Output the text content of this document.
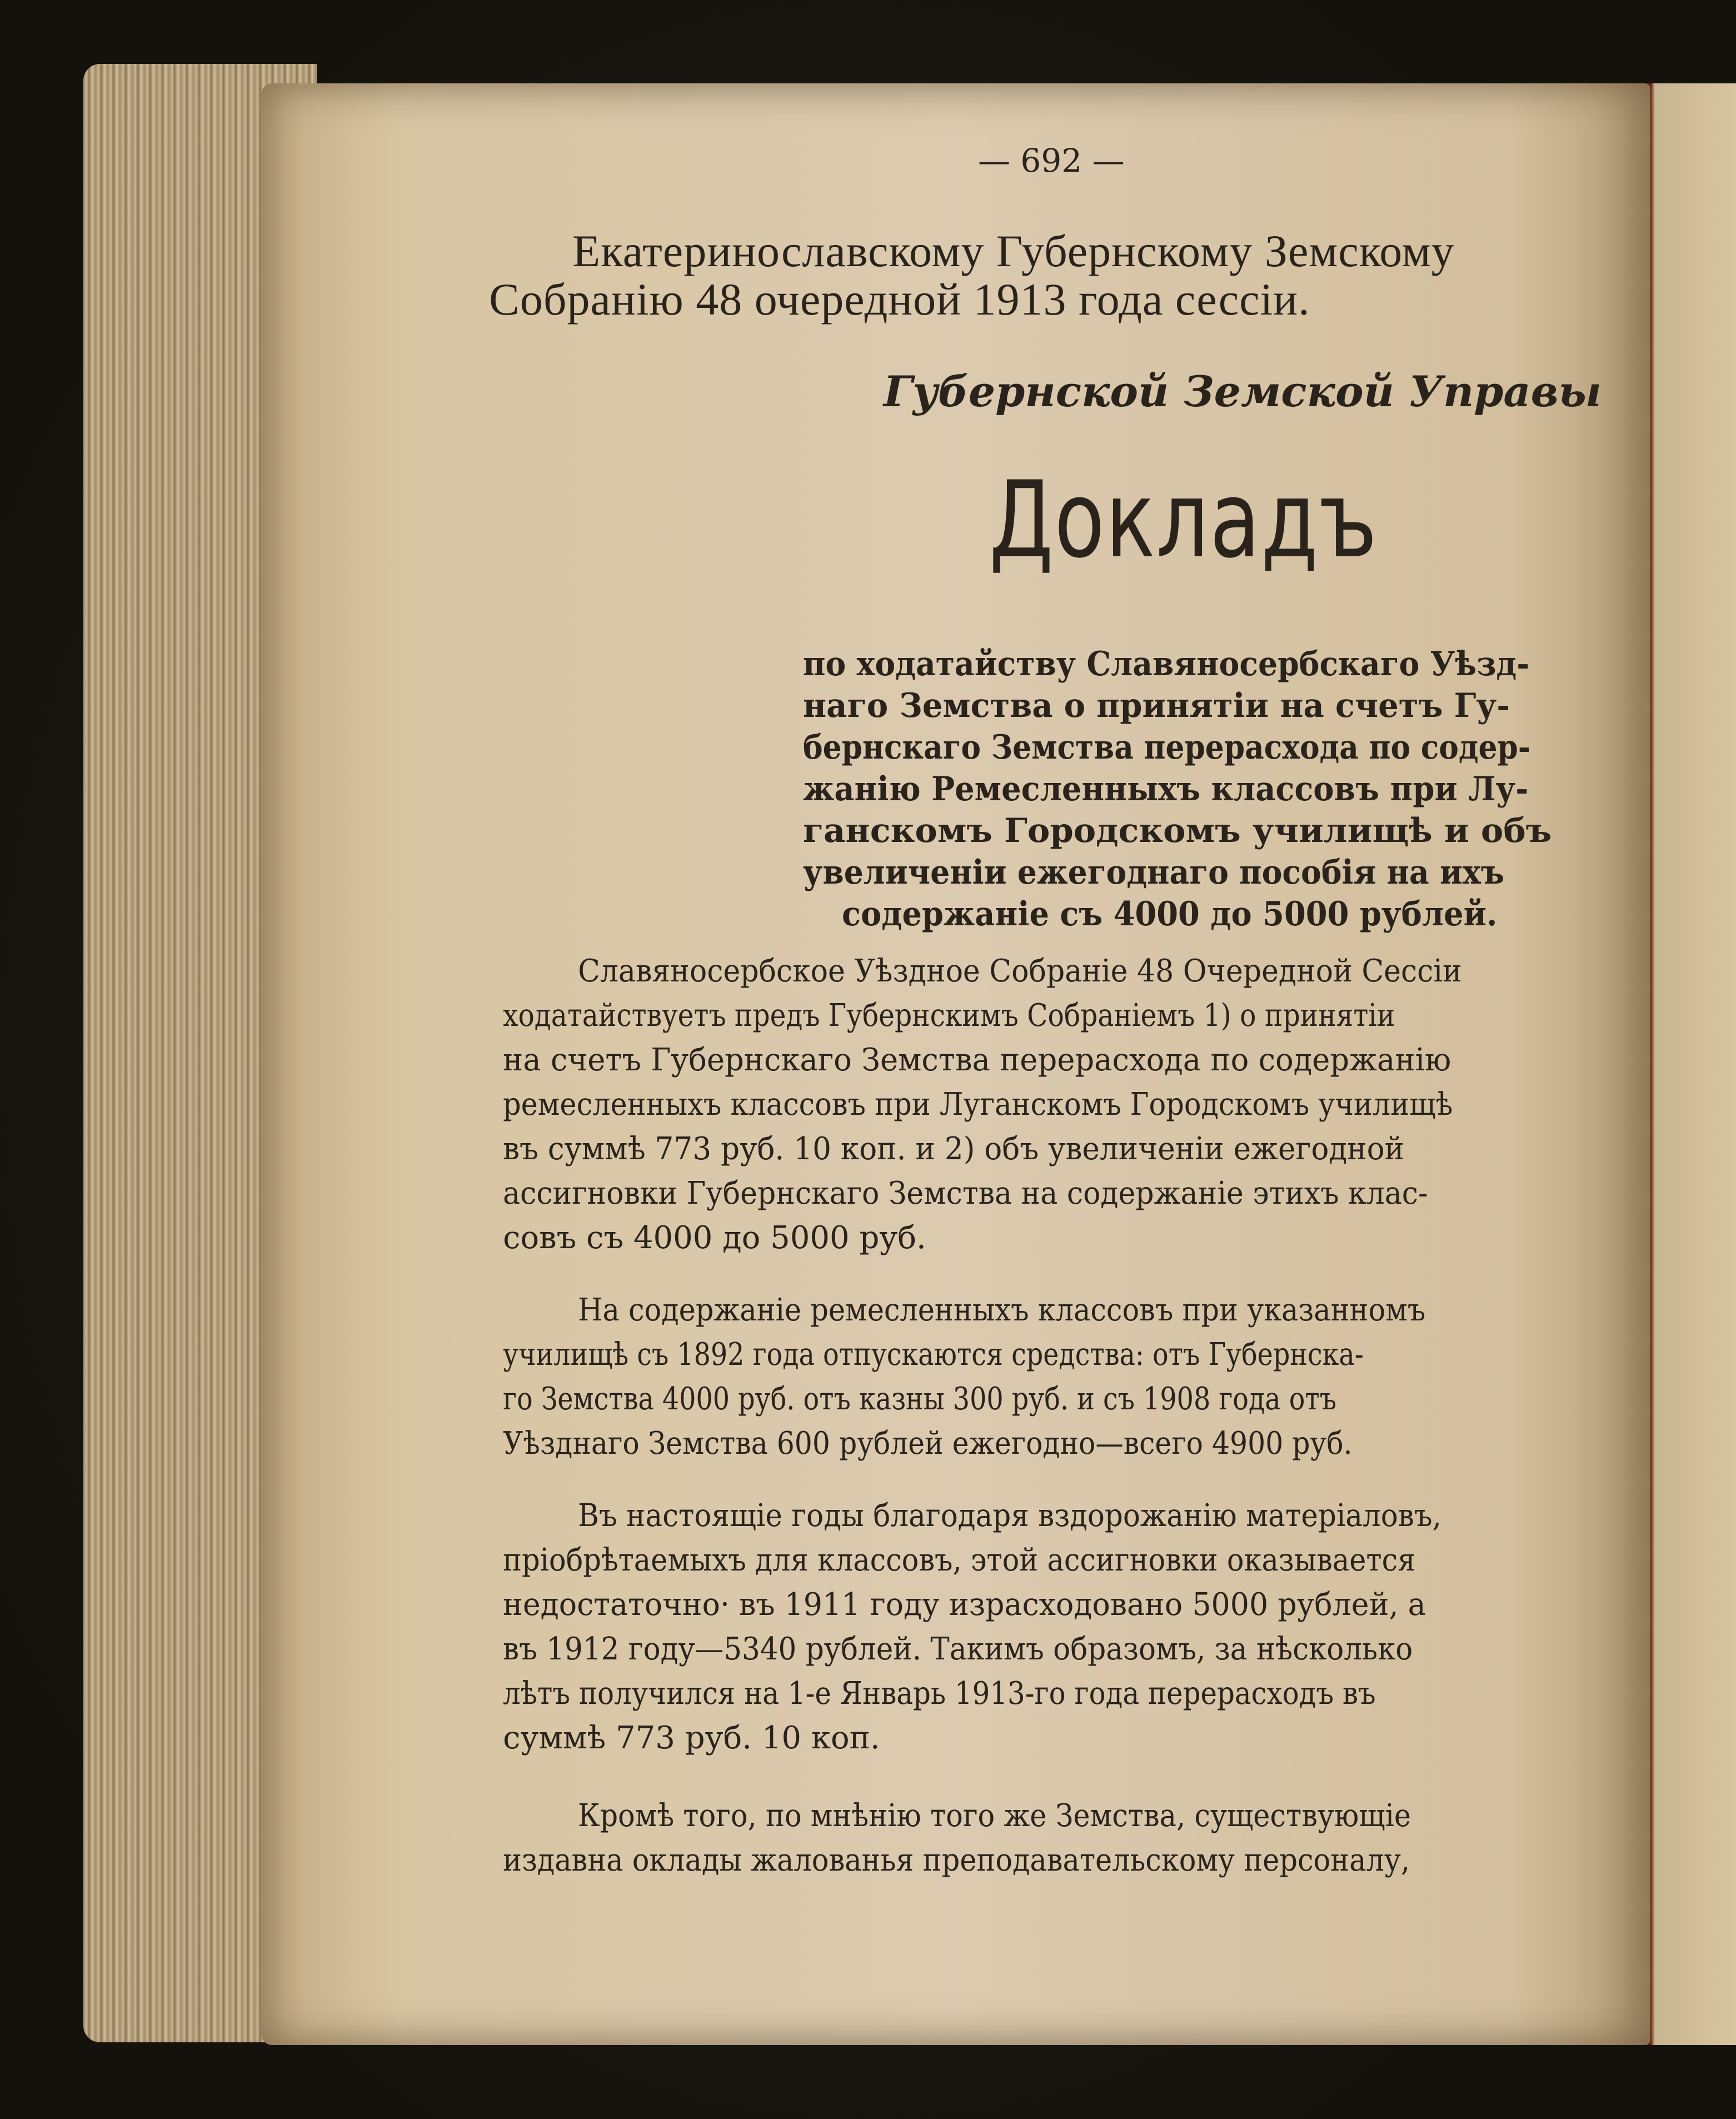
— 692 —
Екатеринославскому Губернскому Земскому
Собранію 48 очередной 1913 года сессіи.
Губернской Земской Управы
Докладъ
по ходатайству Славяносербскаго Уѣзд-
наго Земства о принятіи на счетъ Гу-
бернскаго Земства перерасхода по содер-
жанію Ремесленныхъ классовъ при Лу-
ганскомъ Городскомъ училищѣ и объ
увеличеніи ежегоднаго пособія на ихъ
содержаніе съ 4000 до 5000 рублей.
Славяносербское Уѣздное Собраніе 48 Очередной Сессіи
ходатайствуетъ предъ Губернскимъ Собраніемъ 1) о принятіи
на счетъ Губернскаго Земства перерасхода по содержанію
ремесленныхъ классовъ при Луганскомъ Городскомъ училищѣ
въ суммѣ 773 руб. 10 коп. и 2) объ увеличеніи ежегодной
ассигновки Губернскаго Земства на содержаніе этихъ клас-
совъ съ 4000 до 5000 руб.
На содержаніе ремесленныхъ классовъ при указанномъ
училищѣ съ 1892 года отпускаются средства: отъ Губернска-
го Земства 4000 руб. отъ казны 300 руб. и съ 1908 года отъ
Уѣзднаго Земства 600 рублей ежегодно—всего 4900 руб.
Въ настоящіе годы благодаря вздорожанію матеріаловъ,
пріобрѣтаемыхъ для классовъ, этой ассигновки оказывается
недостаточно· въ 1911 году израсходовано 5000 рублей, а
въ 1912 году—5340 рублей. Такимъ образомъ, за нѣсколько
лѣтъ получился на 1-е Январь 1913-го года перерасходъ въ
суммѣ 773 руб. 10 коп.
Кромѣ того, по мнѣнію того же Земства, существующіе
издавна оклады жалованья преподавательскому персоналу,
